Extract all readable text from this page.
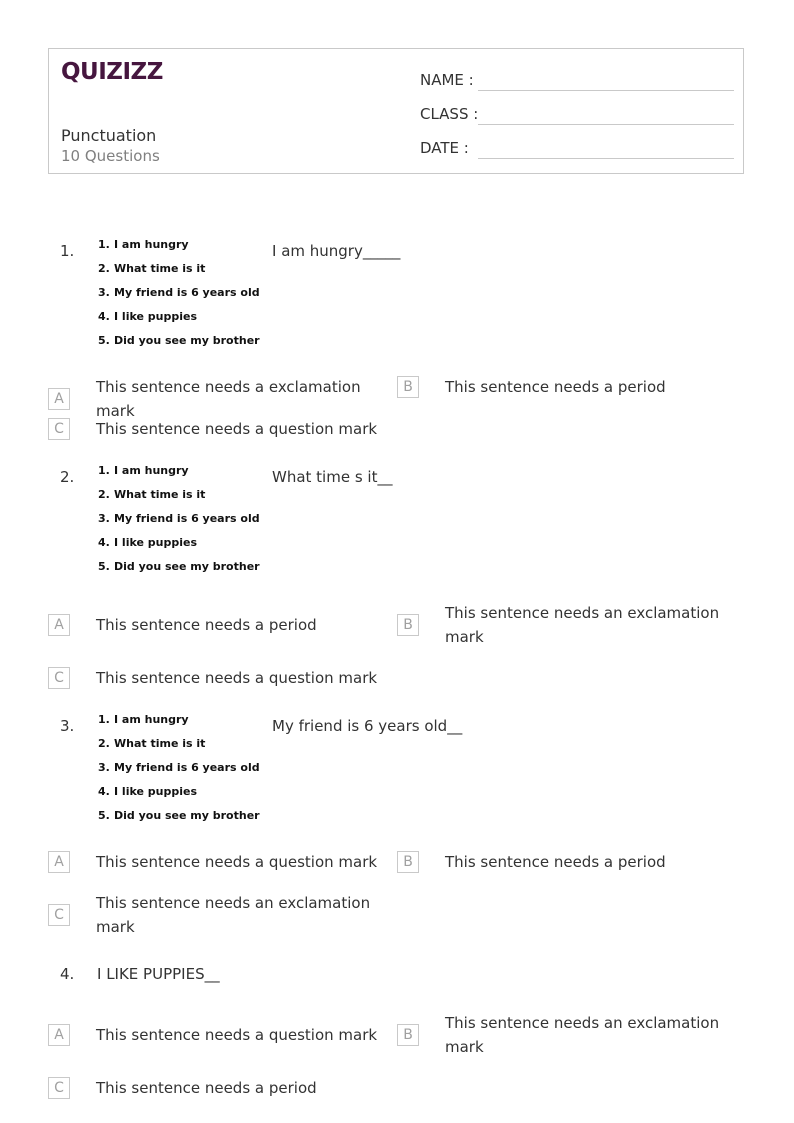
QUIZIZZ
Punctuation
10 Questions
NAME :
CLASS :
DATE :
1. 1. I am hungry
2. What time is it
3. My friend is 6 years old
4. I like puppies
5. Did you see my brother
I am hungry_____
A
This sentence needs a exclamation mark
B	This sentence needs a period
C	This sentence needs a question mark
2. 1. I am hungry
2. What time is it
3. My friend is 6 years old
4. I like puppies
5. Did you see my brother
What time s it__
A	This sentence needs a period	B
This sentence needs an exclamation mark
C	This sentence needs a question mark
3. 1. I am hungry
2. What time is it
3. My friend is 6 years old
4. I like puppies
5. Did you see my brother
My friend is 6 years old__
A	This sentence needs a question mark	B	This sentence needs a period
C
This sentence needs an exclamation mark
4. I LIKE PUPPIES__
A	This sentence needs a question mark	B
This sentence needs an exclamation mark
C	This sentence needs a period
